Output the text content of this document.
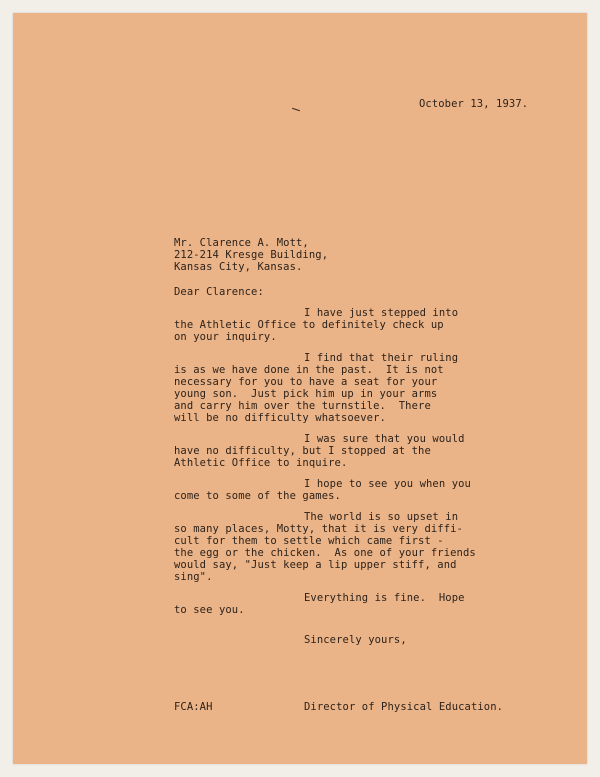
October 13, 1937.
Mr. Clarence A. Mott,
212-214 Kresge Building,
Kansas City, Kansas.
Dear Clarence:
I have just stepped into
the Athletic Office to definitely check up
on your inquiry.
I find that their ruling
is as we have done in the past.  It is not
necessary for you to have a seat for your
young son.  Just pick him up in your arms
and carry him over the turnstile.  There
will be no difficulty whatsoever.
I was sure that you would
have no difficulty, but I stopped at the
Athletic Office to inquire.
I hope to see you when you
come to some of the games.
The world is so upset in
so many places, Motty, that it is very diffi-
cult for them to settle which came first -
the egg or the chicken.  As one of your friends
would say, "Just keep a lip upper stiff, and
sing".
Everything is fine.  Hope
to see you.
Sincerely yours,
FCA:AH	Director of Physical Education.
